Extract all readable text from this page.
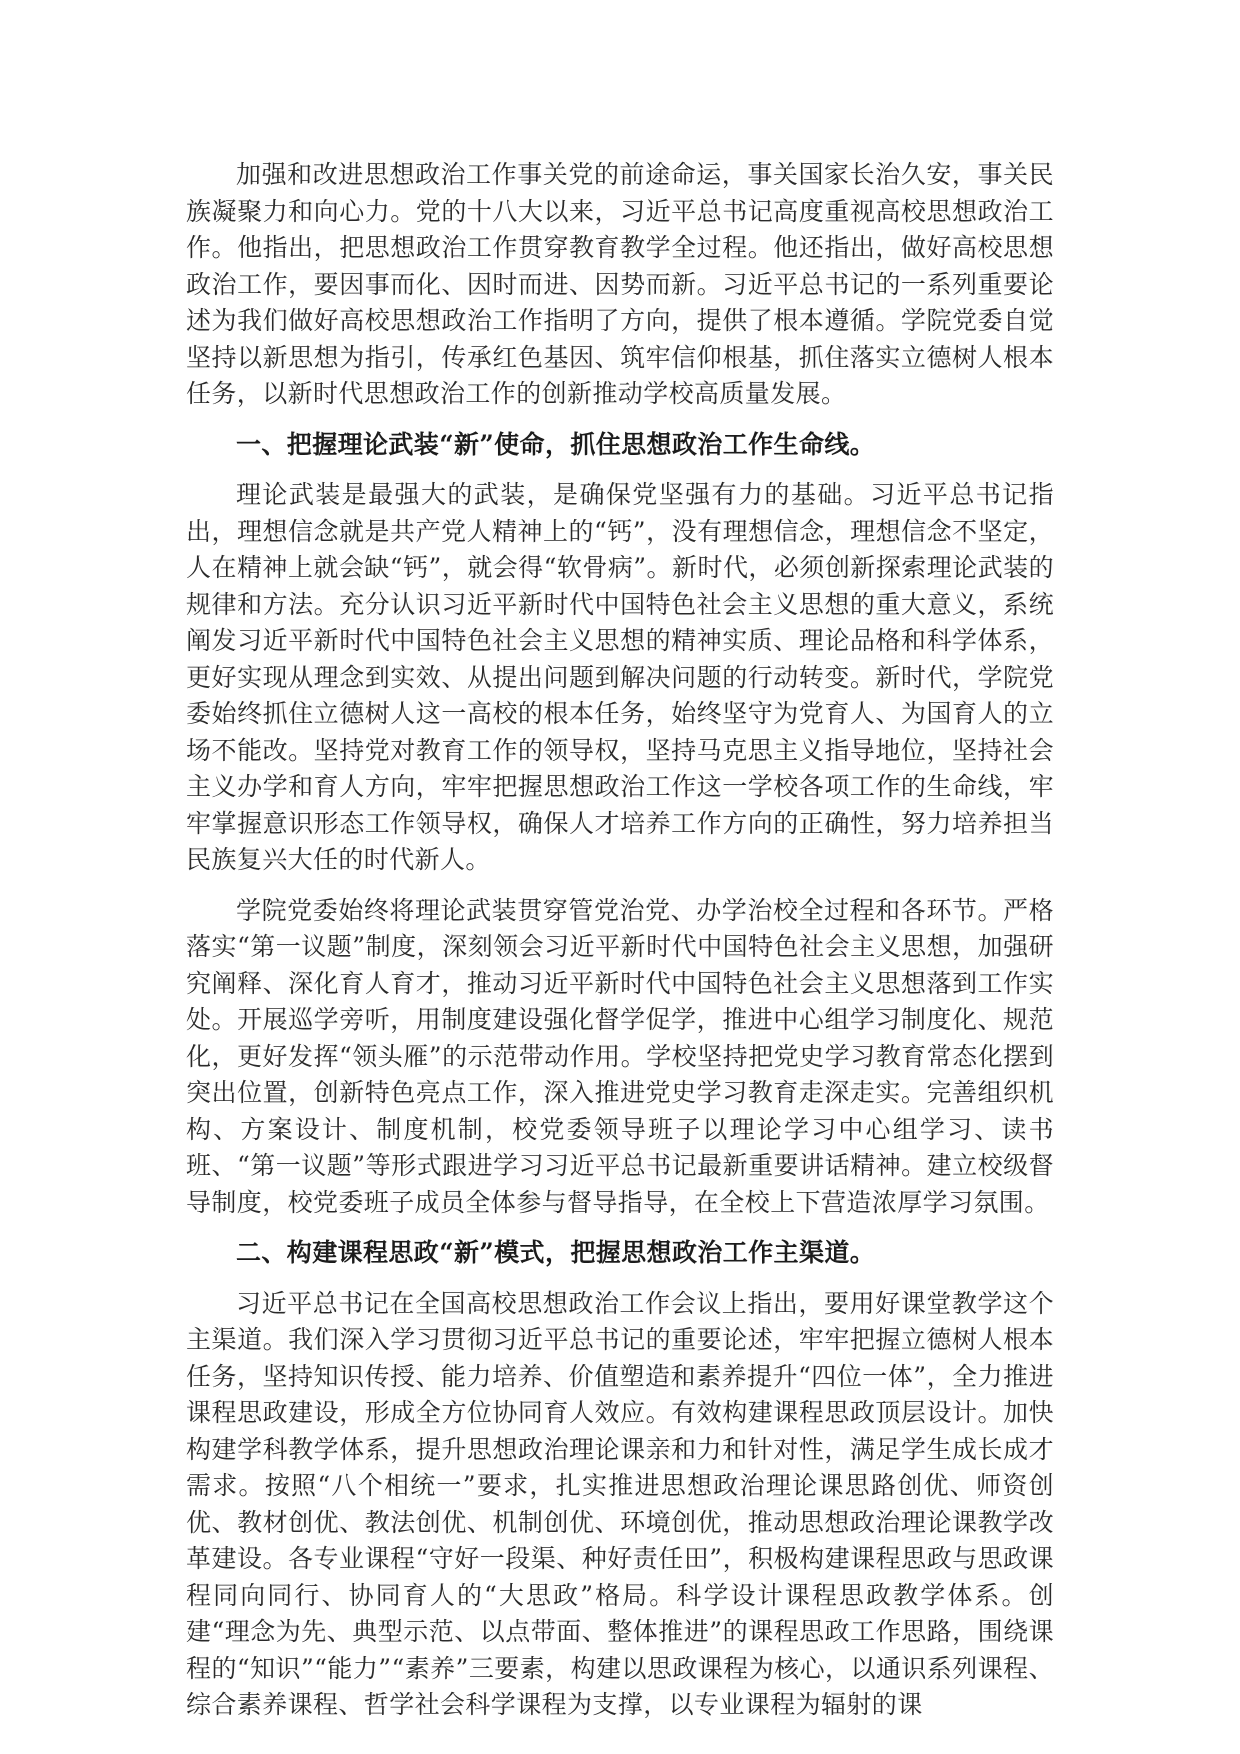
加强和改进思想政治工作事关党的前途命运，事关国家长治久安，事关民族凝聚力和向心力。党的十八大以来，习近平总书记高度重视高校思想政治工作。他指出，把思想政治工作贯穿教育教学全过程。他还指出，做好高校思想政治工作，要因事而化、因时而进、因势而新。习近平总书记的一系列重要论述为我们做好高校思想政治工作指明了方向，提供了根本遵循。学院党委自觉坚持以新思想为指引，传承红色基因、筑牢信仰根基，抓住落实立德树人根本任务，以新时代思想政治工作的创新推动学校高质量发展。

一、把握理论武装“新”使命，抓住思想政治工作生命线。

理论武装是最强大的武装，是确保党坚强有力的基础。习近平总书记指出，理想信念就是共产党人精神上的“钙”，没有理想信念，理想信念不坚定，人在精神上就会缺“钙”，就会得“软骨病”。新时代，必须创新探索理论武装的规律和方法。充分认识习近平新时代中国特色社会主义思想的重大意义，系统阐发习近平新时代中国特色社会主义思想的精神实质、理论品格和科学体系，更好实现从理念到实效、从提出问题到解决问题的行动转变。新时代，学院党委始终抓住立德树人这一高校的根本任务，始终坚守为党育人、为国育人的立场不能改。坚持党对教育工作的领导权，坚持马克思主义指导地位，坚持社会主义办学和育人方向，牢牢把握思想政治工作这一学校各项工作的生命线，牢牢掌握意识形态工作领导权，确保人才培养工作方向的正确性，努力培养担当民族复兴大任的时代新人。

学院党委始终将理论武装贯穿管党治党、办学治校全过程和各环节。严格落实“第一议题”制度，深刻领会习近平新时代中国特色社会主义思想，加强研究阐释、深化育人育才，推动习近平新时代中国特色社会主义思想落到工作实处。开展巡学旁听，用制度建设强化督学促学，推进中心组学习制度化、规范化，更好发挥“领头雁”的示范带动作用。学校坚持把党史学习教育常态化摆到突出位置，创新特色亮点工作，深入推进党史学习教育走深走实。完善组织机构、方案设计、制度机制，校党委领导班子以理论学习中心组学习、读书班、“第一议题”等形式跟进学习习近平总书记最新重要讲话精神。建立校级督导制度，校党委班子成员全体参与督导指导，在全校上下营造浓厚学习氛围。

二、构建课程思政“新”模式，把握思想政治工作主渠道。

习近平总书记在全国高校思想政治工作会议上指出，要用好课堂教学这个主渠道。我们深入学习贯彻习近平总书记的重要论述，牢牢把握立德树人根本任务，坚持知识传授、能力培养、价值塑造和素养提升“四位一体”，全力推进课程思政建设，形成全方位协同育人效应。有效构建课程思政顶层设计。加快构建学科教学体系，提升思想政治理论课亲和力和针对性，满足学生成长成才需求。按照“八个相统一”要求，扎实推进思想政治理论课思路创优、师资创优、教材创优、教法创优、机制创优、环境创优，推动思想政治理论课教学改革建设。各专业课程“守好一段渠、种好责任田”，积极构建课程思政与思政课程同向同行、协同育人的“大思政”格局。科学设计课程思政教学体系。创建“理念为先、典型示范、以点带面、整体推进”的课程思政工作思路，围绕课程的“知识”“能力”“素养”三要素，构建以思政课程为核心，以通识系列课程、综合素养课程、哲学社会科学课程为支撑，以专业课程为辐射的课
